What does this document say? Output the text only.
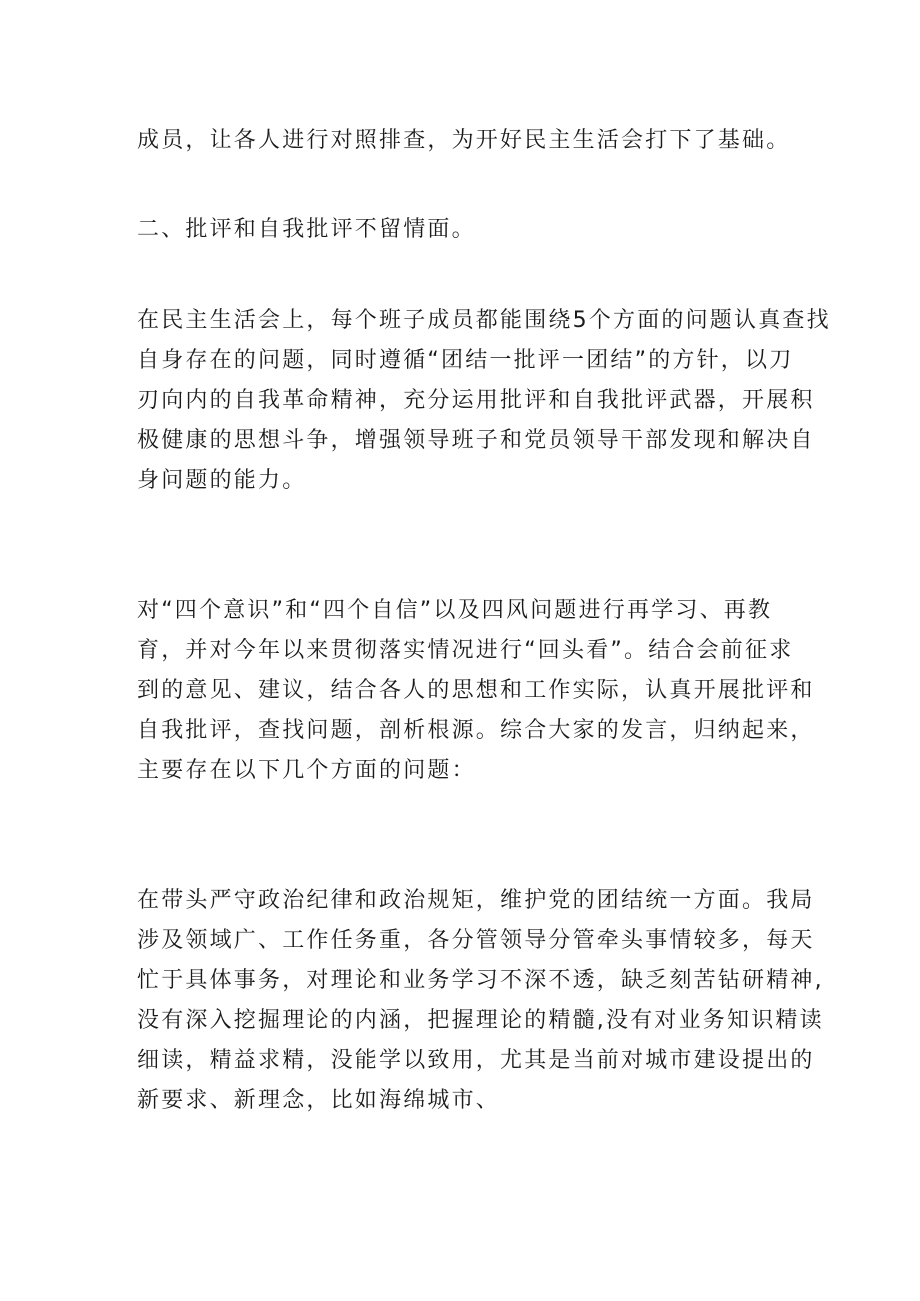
成员，让各人进行对照排查，为开好民主生活会打下了基础。
二、批评和自我批评不留情面。
在民主生活会上，每个班子成员都能围绕5个方面的问题认真查找
自身存在的问题，同时遵循“团结一批评一团结”的方针，以刀
刃向内的自我革命精神，充分运用批评和自我批评武器，开展积
极健康的思想斗争，增强领导班子和党员领导干部发现和解决自
身问题的能力。
对“四个意识”和“四个自信”以及四风问题进行再学习、再教
育，并对今年以来贯彻落实情况进行“回头看”。结合会前征求
到的意见、建议，结合各人的思想和工作实际，认真开展批评和
自我批评，查找问题，剖析根源。综合大家的发言，归纳起来，
主要存在以下几个方面的问题：
在带头严守政治纪律和政治规矩，维护党的团结统一方面。我局
涉及领域广、工作任务重，各分管领导分管牵头事情较多，每天
忙于具体事务，对理论和业务学习不深不透，缺乏刻苦钻研精神,
没有深入挖掘理论的内涵，把握理论的精髓,没有对业务知识精读
细读，精益求精，没能学以致用，尤其是当前对城市建设提出的
新要求、新理念，比如海绵城市、
